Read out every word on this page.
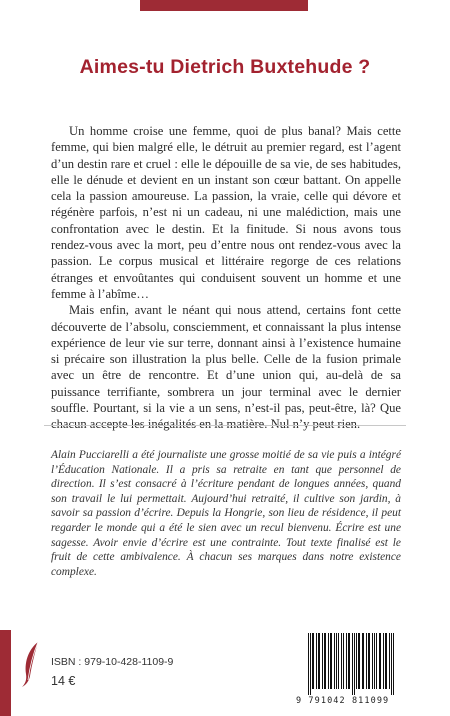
Aimes-tu Dietrich Buxtehude ?

Un homme croise une femme, quoi de plus banal? Mais cette femme, qui bien malgré elle, le détruit au premier regard, est l’agent d’un destin rare et cruel : elle le dépouille de sa vie, de ses habitudes, elle le dénude et devient en un instant son cœur battant. On appelle cela la passion amoureuse. La passion, la vraie, celle qui dévore et régénère parfois, n’est ni un cadeau, ni une malédiction, mais une confrontation avec le destin. Et la finitude. Si nous avons tous rendez-vous avec la mort, peu d’entre nous ont rendez-vous avec la passion. Le corpus musical et littéraire regorge de ces relations étranges et envoûtantes qui conduisent souvent un homme et une femme à l’abîme…

Mais enfin, avant le néant qui nous attend, certains font cette découverte de l’absolu, consciemment, et connaissant la plus intense expérience de leur vie sur terre, donnant ainsi à l’existence humaine si précaire son illustration la plus belle. Celle de la fusion primale avec un être de rencontre. Et d’une union qui, au-delà de sa puissance terrifiante, sombrera un jour terminal avec le dernier souffle. Pourtant, si la vie a un sens, n’est-il pas, peut-être, là? Que chacun accepte les inégalités en la matière. Nul n’y peut rien.

Alain Pucciarelli a été journaliste une grosse moitié de sa vie puis a intégré l’Éducation Nationale. Il a pris sa retraite en tant que personnel de direction. Il s’est consacré à l’écriture pendant de longues années, quand son travail le lui permettait. Aujourd’hui retraité, il cultive son jardin, à savoir sa passion d’écrire. Depuis la Hongrie, son lieu de résidence, il peut regarder le monde qui a été le sien avec un recul bienvenu. Écrire est une sagesse. Avoir envie d’écrire est une contrainte. Tout texte finalisé est le fruit de cette ambivalence. À chacun ses marques dans notre existence complexe.
ISBN : 979-10-428-1109-9
14 €
9 791042 811099
